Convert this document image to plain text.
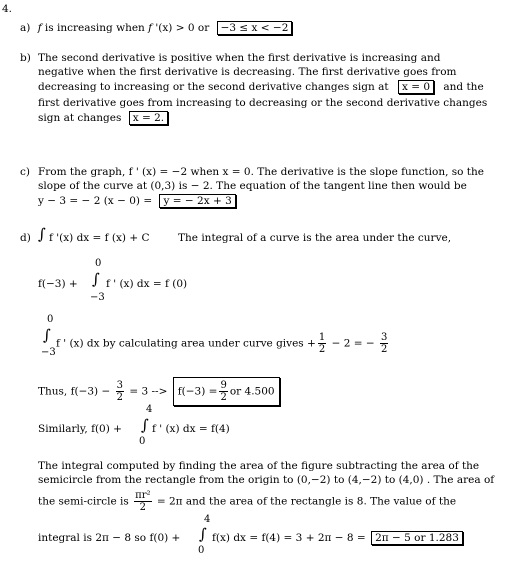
4.
a) f is increasing when f '(x) > 0 or −3 ≤ x < −2
b) The second derivative is positive when the first derivative is increasing and
negative when the first derivative is decreasing. The first derivative goes from
decreasing to increasing or the second derivative changes sign at x = 0 and the
first derivative goes from increasing to decreasing or the second derivative changes
sign at changes x = 2.
c) From the graph, f ' (x) = −2 when x = 0. The derivative is the slope function, so the
slope of the curve at (0,3) is − 2. The equation of the tangent line then would be
y − 3 = − 2 (x − 0) = y = − 2x + 3
d) ∫ f '(x) dx = f (x) + C	The integral of a curve is the area under the curve,
0
f(−3) + ∫ f ' (x) dx = f (0)
−3
0
∫ f ' (x) dx by calculating area under curve gives + $\frac{1}{2} - 2$ = − $\frac{3}{2}$
−3
Thus, $f(-3) - \frac{3}{2} = 3$ --> $f(-3) = \frac{9}{2}$ or 4.500
4
Similarly, f(0) + ∫ f ' (x) dx = f(4)
0
The integral computed by finding the area of the figure subtracting the area of the
semicircle from the rectangle from the origin to (0,−2) to (4,−2) to (4,0) . The area of
the semi-circle is $\frac{\text{πr²}}{2} = 2\pi$ and the area of the rectangle is 8. The value of the
4
integral is 2π − 8 so f(0) + ∫ f(x) dx = f(4) = 3 + 2π − 8 = 2π − 5 or 1.283
0
